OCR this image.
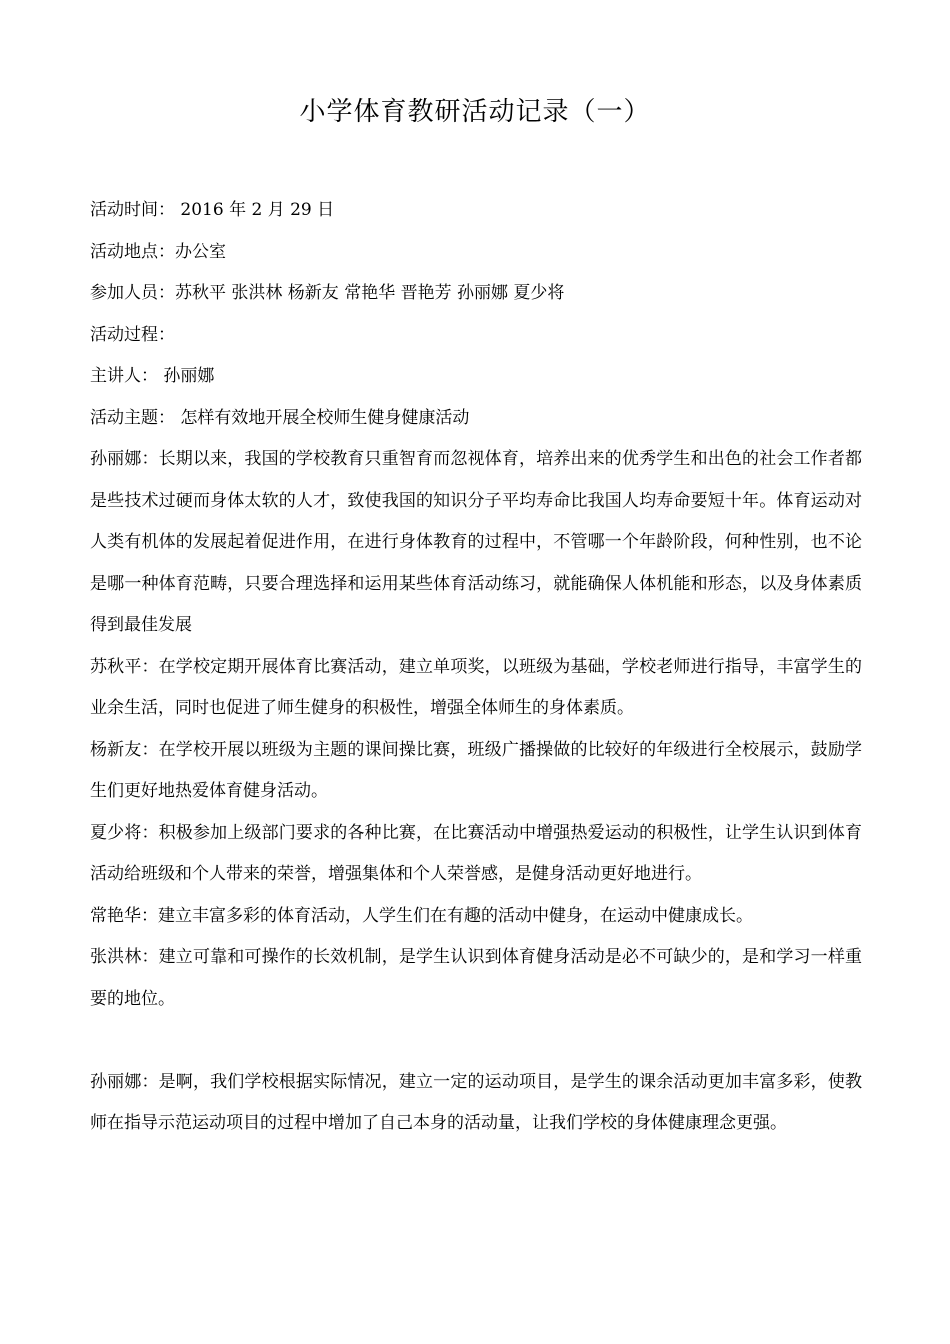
小学体育教研活动记录（一）
活动时间： 2016 年 2 月 29 日
活动地点：办公室
参加人员：苏秋平 张洪林 杨新友 常艳华 晋艳芳 孙丽娜 夏少将
活动过程：
主讲人： 孙丽娜
活动主题： 怎样有效地开展全校师生健身健康活动
孙丽娜：长期以来，我国的学校教育只重智育而忽视体育，培养出来的优秀学生和出色的社会工作者都是些技术过硬而身体太软的人才，致使我国的知识分子平均寿命比我国人均寿命要短十年。体育运动对人类有机体的发展起着促进作用，在进行身体教育的过程中，不管哪一个年龄阶段，何种性别，也不论是哪一种体育范畴，只要合理选择和运用某些体育活动练习，就能确保人体机能和形态，以及身体素质得到最佳发展
苏秋平：在学校定期开展体育比赛活动，建立单项奖，以班级为基础，学校老师进行指导，丰富学生的业余生活，同时也促进了师生健身的积极性，增强全体师生的身体素质。
杨新友：在学校开展以班级为主题的课间操比赛，班级广播操做的比较好的年级进行全校展示，鼓励学生们更好地热爱体育健身活动。
夏少将：积极参加上级部门要求的各种比赛，在比赛活动中增强热爱运动的积极性，让学生认识到体育活动给班级和个人带来的荣誉，增强集体和个人荣誉感，是健身活动更好地进行。
常艳华：建立丰富多彩的体育活动，人学生们在有趣的活动中健身，在运动中健康成长。
张洪林：建立可靠和可操作的长效机制，是学生认识到体育健身活动是必不可缺少的，是和学习一样重要的地位。
孙丽娜：是啊，我们学校根据实际情况，建立一定的运动项目，是学生的课余活动更加丰富多彩，使教师在指导示范运动项目的过程中增加了自己本身的活动量，让我们学校的身体健康理念更强。
